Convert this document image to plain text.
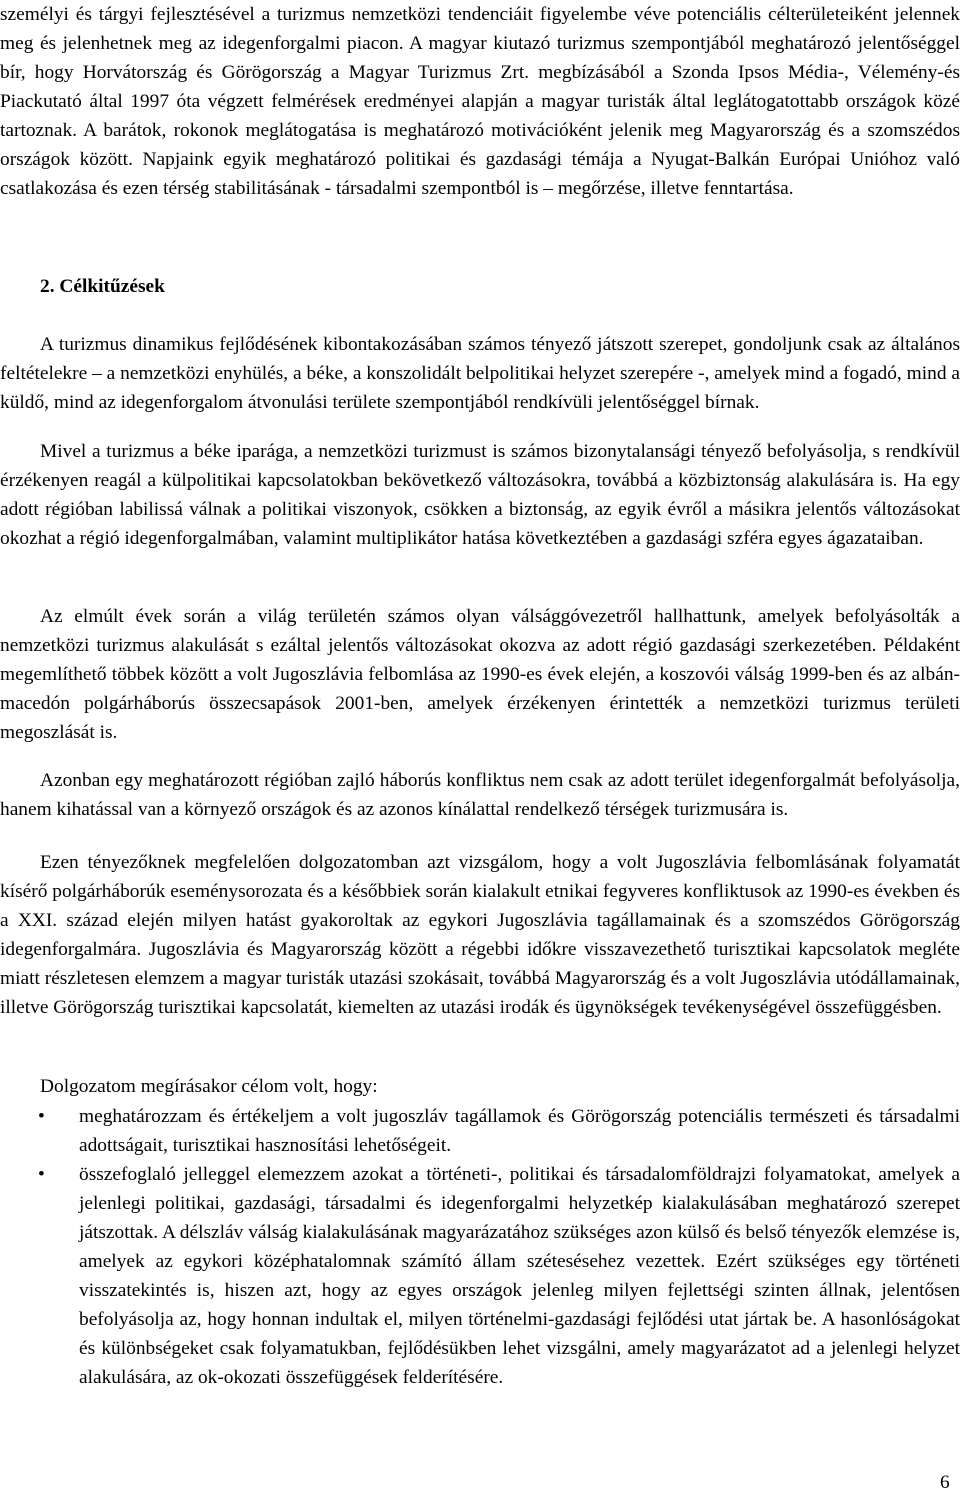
személyi és tárgyi fejlesztésével a turizmus nemzetközi tendenciáit figyelembe véve potenciális célterületeiként jelennek meg és jelenhetnek meg az idegenforgalmi piacon. A magyar kiutazó turizmus szempontjából meghatározó jelentőséggel bír, hogy Horvátország és Görögország a Magyar Turizmus Zrt. megbízásából a Szonda Ipsos Média-, Vélemény-és Piackutató által 1997 óta végzett felmérések eredményei alapján a magyar turisták által leglátogatottabb országok közé tartoznak. A barátok, rokonok meglátogatása is meghatározó motivációként jelenik meg Magyarország és a szomszédos országok között. Napjaink egyik meghatározó politikai és gazdasági témája a Nyugat-Balkán Európai Unióhoz való csatlakozása és ezen térség stabilitásának - társadalmi szempontból is – megőrzése, illetve fenntartása.

2. Célkitűzések

A turizmus dinamikus fejlődésének kibontakozásában számos tényező játszott szerepet, gondoljunk csak az általános feltételekre – a nemzetközi enyhülés, a béke, a konszolidált belpolitikai helyzet szerepére -, amelyek mind a fogadó, mind a küldő, mind az idegenforgalom átvonulási területe szempontjából rendkívüli jelentőséggel bírnak.

Mivel a turizmus a béke iparága, a nemzetközi turizmust is számos bizonytalansági tényező befolyásolja, s rendkívül érzékenyen reagál a külpolitikai kapcsolatokban bekövetkező változásokra, továbbá a közbiztonság alakulására is. Ha egy adott régióban labilissá válnak a politikai viszonyok, csökken a biztonság, az egyik évről a másikra jelentős változásokat okozhat a régió idegenforgalmában, valamint multiplikátor hatása következtében a gazdasági szféra egyes ágazataiban.

Az elmúlt évek során a világ területén számos olyan válsággóvezetről hallhattunk, amelyek befolyásolták a nemzetközi turizmus alakulását s ezáltal jelentős változásokat okozva az adott régió gazdasági szerkezetében. Példaként megemlíthető többek között a volt Jugoszlávia felbomlása az 1990-es évek elején, a koszovói válság 1999-ben és az albán-macedón polgárháborús összecsapások 2001-ben, amelyek érzékenyen érintették a nemzetközi turizmus területi megoszlását is.

Azonban egy meghatározott régióban zajló háborús konfliktus nem csak az adott terület idegenforgalmát befolyásolja, hanem kihatással van a környező országok és az azonos kínálattal rendelkező térségek turizmusára is.

Ezen tényezőknek megfelelően dolgozatomban azt vizsgálom, hogy a volt Jugoszlávia felbomlásának folyamatát kísérő polgárháborúk eseménysorozata és a későbbiek során kialakult etnikai fegyveres konfliktusok az 1990-es években és a XXI. század elején milyen hatást gyakoroltak az egykori Jugoszlávia tagállamainak és a szomszédos Görögország idegenforgalmára. Jugoszlávia és Magyarország között a régebbi időkre visszavezethető turisztikai kapcsolatok megléte miatt részletesen elemzem a magyar turisták utazási szokásait, továbbá Magyarország és a volt Jugoszlávia utódállamainak, illetve Görögország turisztikai kapcsolatát, kiemelten az utazási irodák és ügynökségek tevékenységével összefüggésben.

Dolgozatom megírásakor célom volt, hogy:

• meghatározzam és értékeljem a volt jugoszláv tagállamok és Görögország potenciális természeti és társadalmi adottságait, turisztikai hasznosítási lehetőségeit.

• összefoglaló jelleggel elemezzem azokat a történeti-, politikai és társadalomföldrajzi folyamatokat, amelyek a jelenlegi politikai, gazdasági, társadalmi és idegenforgalmi helyzetkép kialakulásában meghatározó szerepet játszottak. A délszláv válság kialakulásának magyarázatához szükséges azon külső és belső tényezők elemzése is, amelyek az egykori középhatalomnak számító állam szétesésehez vezettek. Ezért szükséges egy történeti visszatekintés is, hiszen azt, hogy az egyes országok jelenleg milyen fejlettségi szinten állnak, jelentősen befolyásolja az, hogy honnan indultak el, milyen történelmi-gazdasági fejlődési utat jártak be. A hasonlóságokat és különbségeket csak folyamatukban, fejlődésükben lehet vizsgálni, amely magyarázatot ad a jelenlegi helyzet alakulására, az ok-okozati összefüggések felderítésére.

6
